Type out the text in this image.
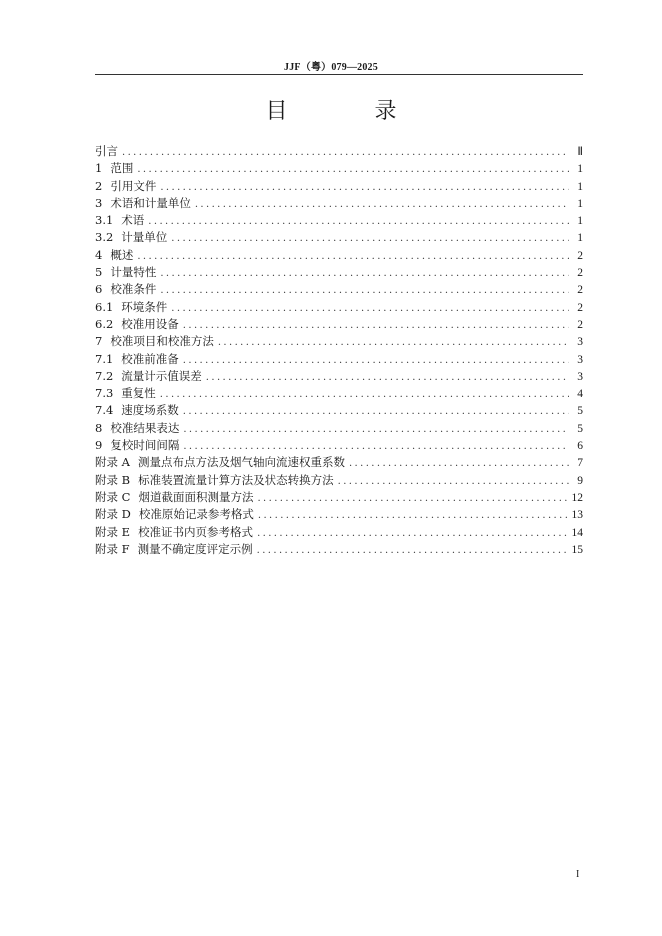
JJF（粤）079—2025
目 录
引言 .....	Ⅱ
1 范围 .....	1
2 引用文件 .....	1
3 术语和计量单位 .....	1
3.1 术语 .....	1
3.2 计量单位 .....	1
4 概述 .....	2
5 计量特性 .....	2
6 校准条件 .....	2
6.1 环境条件 .....	2
6.2 校准用设备 .....	2
7 校准项目和校准方法 .....	3
7.1 校准前准备 .....	3
7.2 流量计示值误差 .....	3
7.3 重复性 .....	4
7.4 速度场系数 .....	5
8 校准结果表达 .....	5
9 复校时间间隔 .....	6
附录 A 测量点布点方法及烟气轴向流速权重系数 .....	7
附录 B 标准装置流量计算方法及状态转换方法 .....	9
附录 C 烟道截面面积测量方法 .....	12
附录 D 校准原始记录参考格式 .....	13
附录 E 校准证书内页参考格式 .....	14
附录 F 测量不确定度评定示例 .....	15
I
